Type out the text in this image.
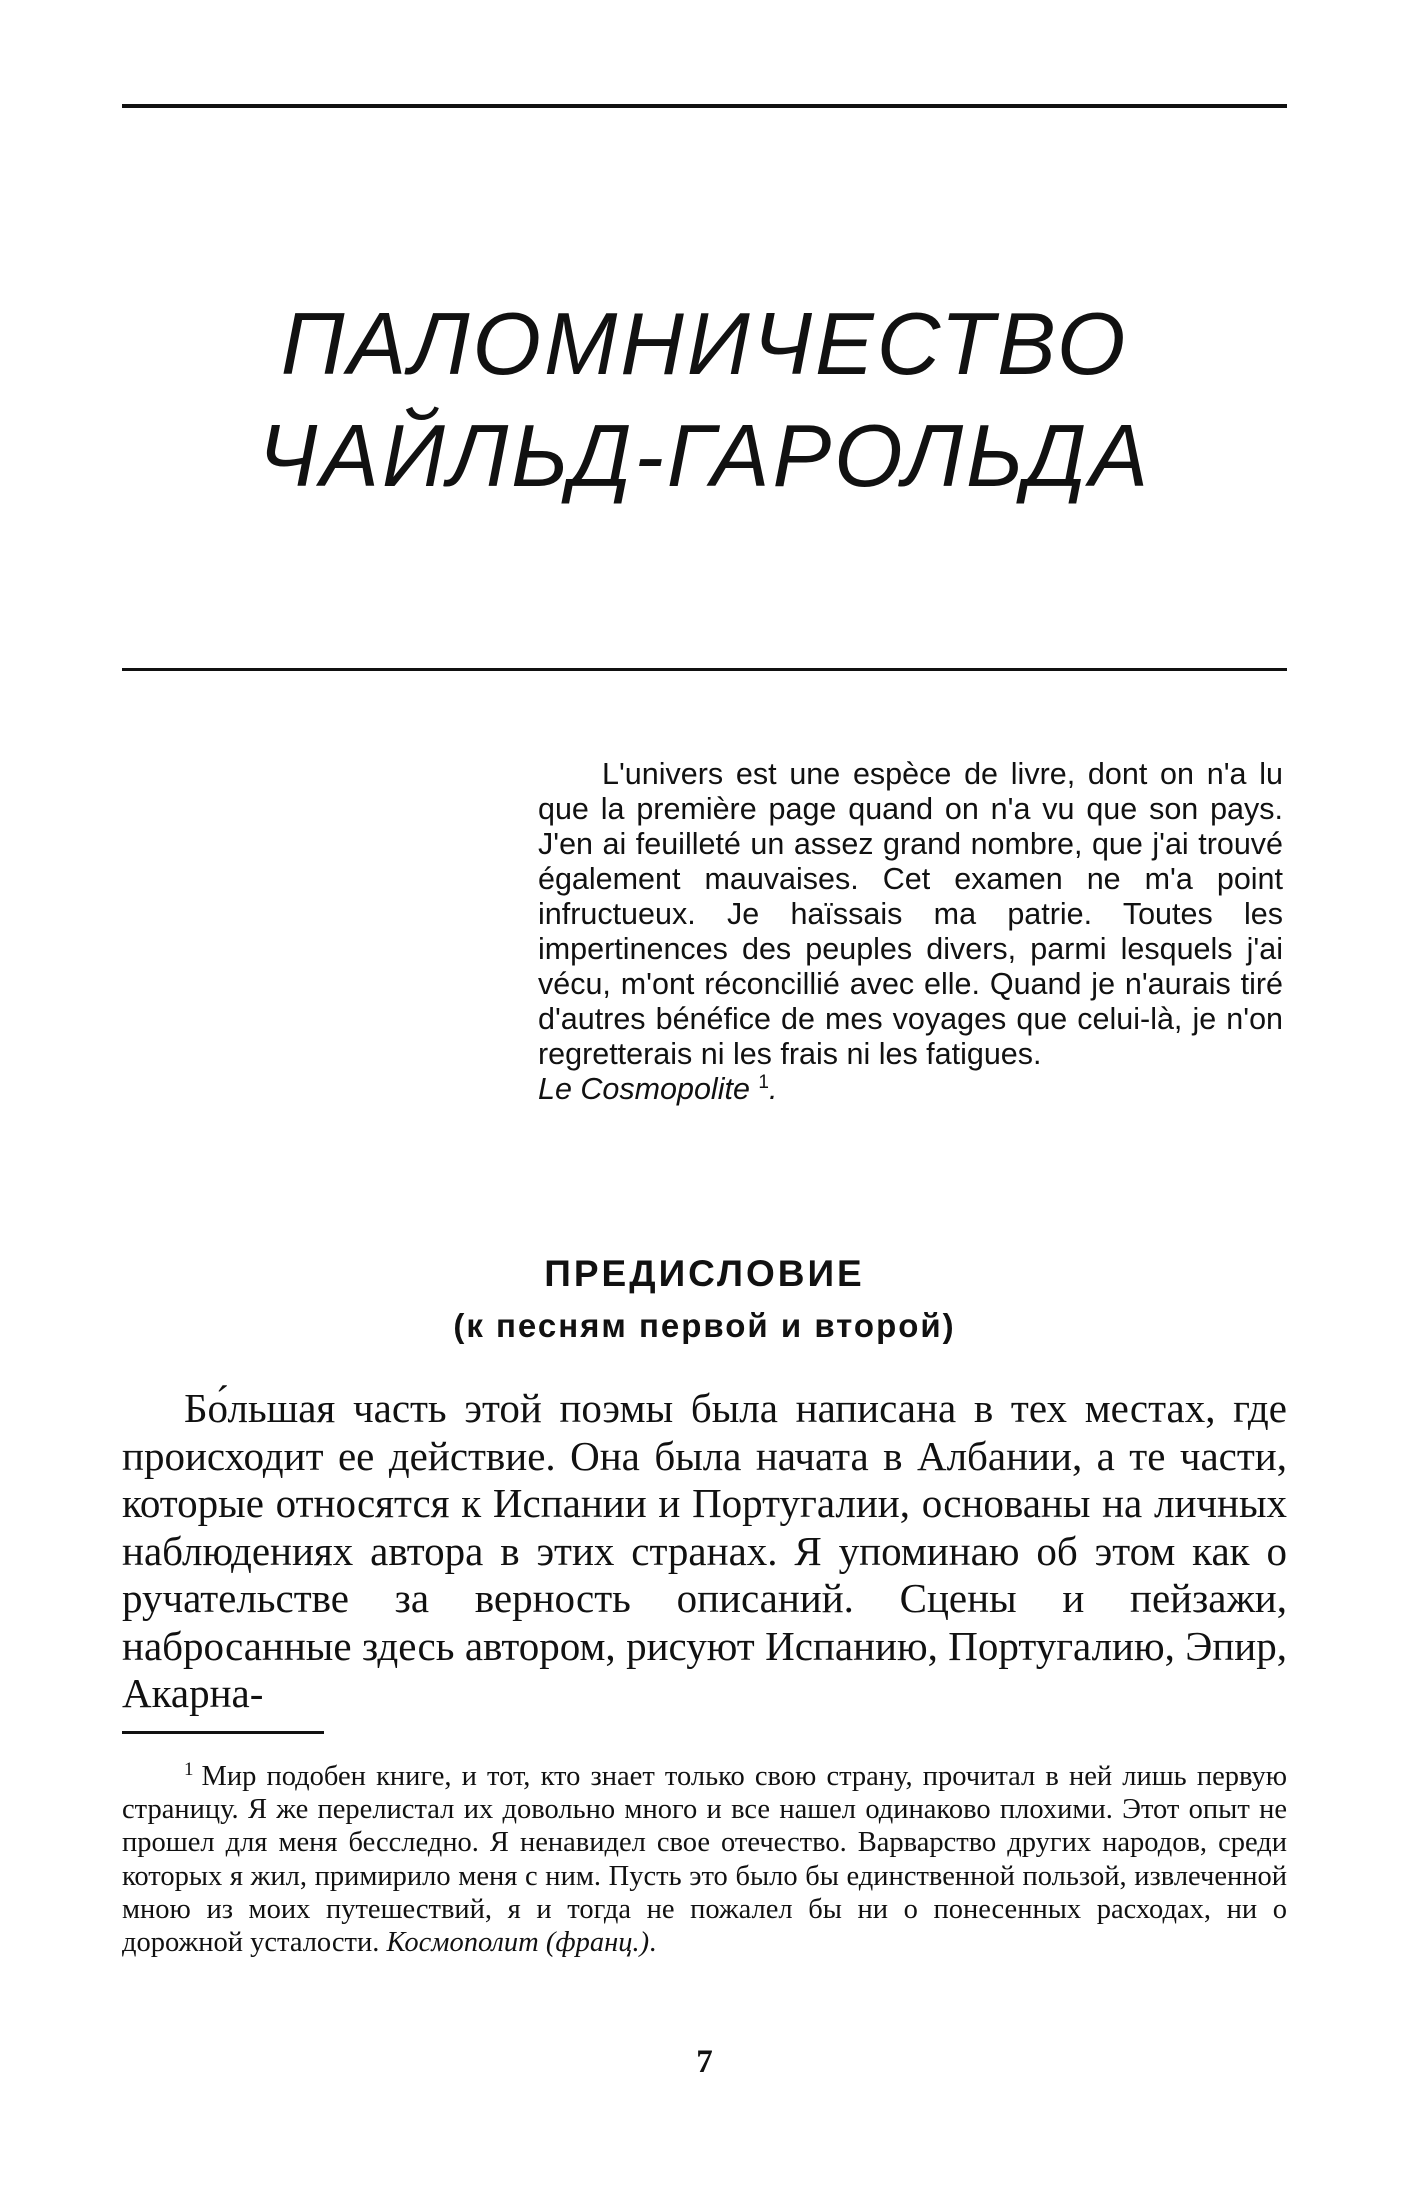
ПАЛОМНИЧЕСТВО
ЧАЙЛЬД-ГАРОЛЬДА
L'univers est une espèce de livre, dont on n'a lu que la première page quand on n'a vu que son pays. J'en ai feuilleté un assez grand nombre, que j'ai trouvé également mauvaises. Cet examen ne m'a point infructueux. Je haïssais ma patrie. Toutes les impertinences des peuples divers, parmi lesquels j'ai vécu, m'ont réconcillié avec elle. Quand je n'aurais tiré d'autres bénéfice de mes voyages que celui-là, je n'on regretterais ni les frais ni les fatigues.
Le Cosmopolite $^1$.
ПРЕДИСЛОВИЕ
(к песням первой и второй)

Бо́льшая часть этой поэмы была написана в тех местах, где происходит ее действие. Она была начата в Албании, а те части, которые относятся к Испании и Португалии, основаны на личных наблюдениях автора в этих странах. Я упоминаю об этом как о ручательстве за верность описаний. Сцены и пейзажи, набросанные здесь автором, рисуют Испанию, Португалию, Эпир, Акарна-

$^1$ Мир подобен книге, и тот, кто знает только свою страну, прочитал в ней лишь первую страницу. Я же перелистал их довольно много и все нашел одинаково плохими. Этот опыт не прошел для меня бесследно. Я ненавидел свое отечество. Варварство других народов, среди которых я жил, примирило меня с ним. Пусть это было бы единственной пользой, извлеченной мною из моих путешествий, я и тогда не пожалел бы ни о понесенных расходах, ни о дорожной усталости. Космополит (франц.).

7
